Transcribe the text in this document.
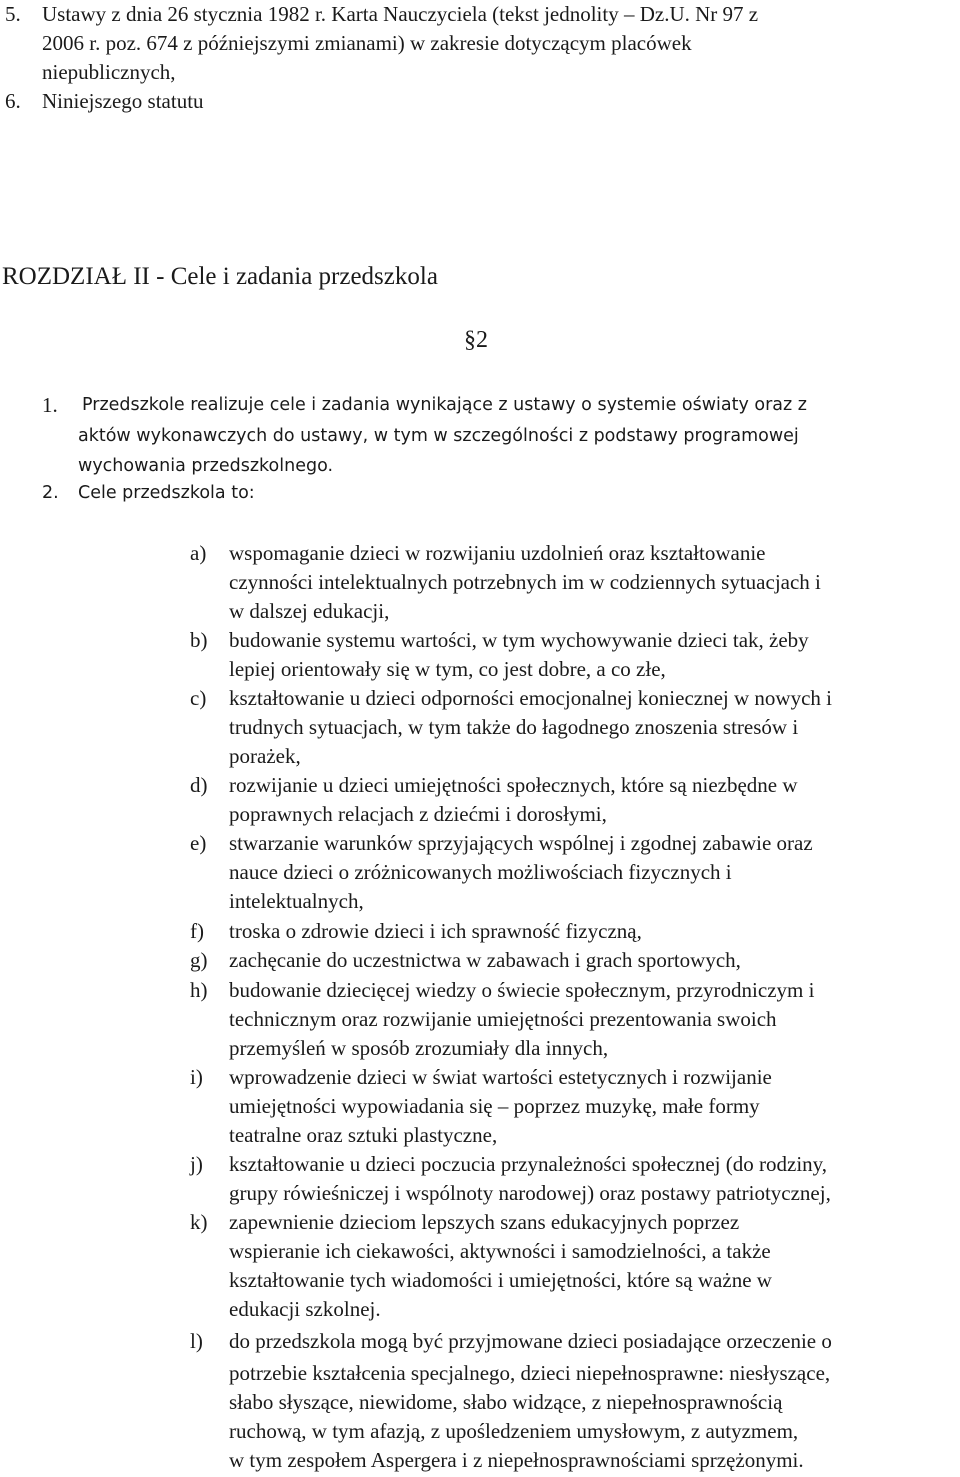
5. Ustawy z dnia 26 stycznia 1982 r. Karta Nauczyciela (tekst jednolity – Dz.U. Nr 97 z
2006 r. poz. 674 z późniejszymi zmianami) w zakresie dotyczącym placówek
niepublicznych,
6. Niniejszego statutu
ROZDZIAŁ II - Cele i zadania przedszkola
§2
1. Przedszkole realizuje cele i zadania wynikające z ustawy o systemie oświaty oraz z
aktów wykonawczych do ustawy, w tym w szczególności z podstawy programowej
wychowania przedszkolnego.
2. Cele przedszkola to:
a) wspomaganie dzieci w rozwijaniu uzdolnień oraz kształtowanie
czynności intelektualnych potrzebnych im w codziennych sytuacjach i
w dalszej edukacji,
b) budowanie systemu wartości, w tym wychowywanie dzieci tak, żeby
lepiej orientowały się w tym, co jest dobre, a co złe,
c) kształtowanie u dzieci odporności emocjonalnej koniecznej w nowych i
trudnych sytuacjach, w tym także do łagodnego znoszenia stresów i
porażek,
d) rozwijanie u dzieci umiejętności społecznych, które są niezbędne w
poprawnych relacjach z dziećmi i dorosłymi,
e) stwarzanie warunków sprzyjających wspólnej i zgodnej zabawie oraz
nauce dzieci o zróżnicowanych możliwościach fizycznych i
intelektualnych,
f) troska o zdrowie dzieci i ich sprawność fizyczną,
g) zachęcanie do uczestnictwa w zabawach i grach sportowych,
h) budowanie dziecięcej wiedzy o świecie społecznym, przyrodniczym i
technicznym oraz rozwijanie umiejętności prezentowania swoich
przemyśleń w sposób zrozumiały dla innych,
i) wprowadzenie dzieci w świat wartości estetycznych i rozwijanie
umiejętności wypowiadania się – poprzez muzykę, małe formy
teatralne oraz sztuki plastyczne,
j) kształtowanie u dzieci poczucia przynależności społecznej (do rodziny,
grupy rówieśniczej i wspólnoty narodowej) oraz postawy patriotycznej,
k) zapewnienie dzieciom lepszych szans edukacyjnych poprzez
wspieranie ich ciekawości, aktywności i samodzielności, a także
kształtowanie tych wiadomości i umiejętności, które są ważne w
edukacji szkolnej.
l) do przedszkola mogą być przyjmowane dzieci posiadające orzeczenie o
potrzebie kształcenia specjalnego, dzieci niepełnosprawne: niesłyszące,
słabo słyszące, niewidome, słabo widzące, z niepełnosprawnością
ruchową, w tym afazją, z upośledzeniem umysłowym, z autyzmem,
w tym zespołem Aspergera i z niepełnosprawnościami sprzężonymi.
